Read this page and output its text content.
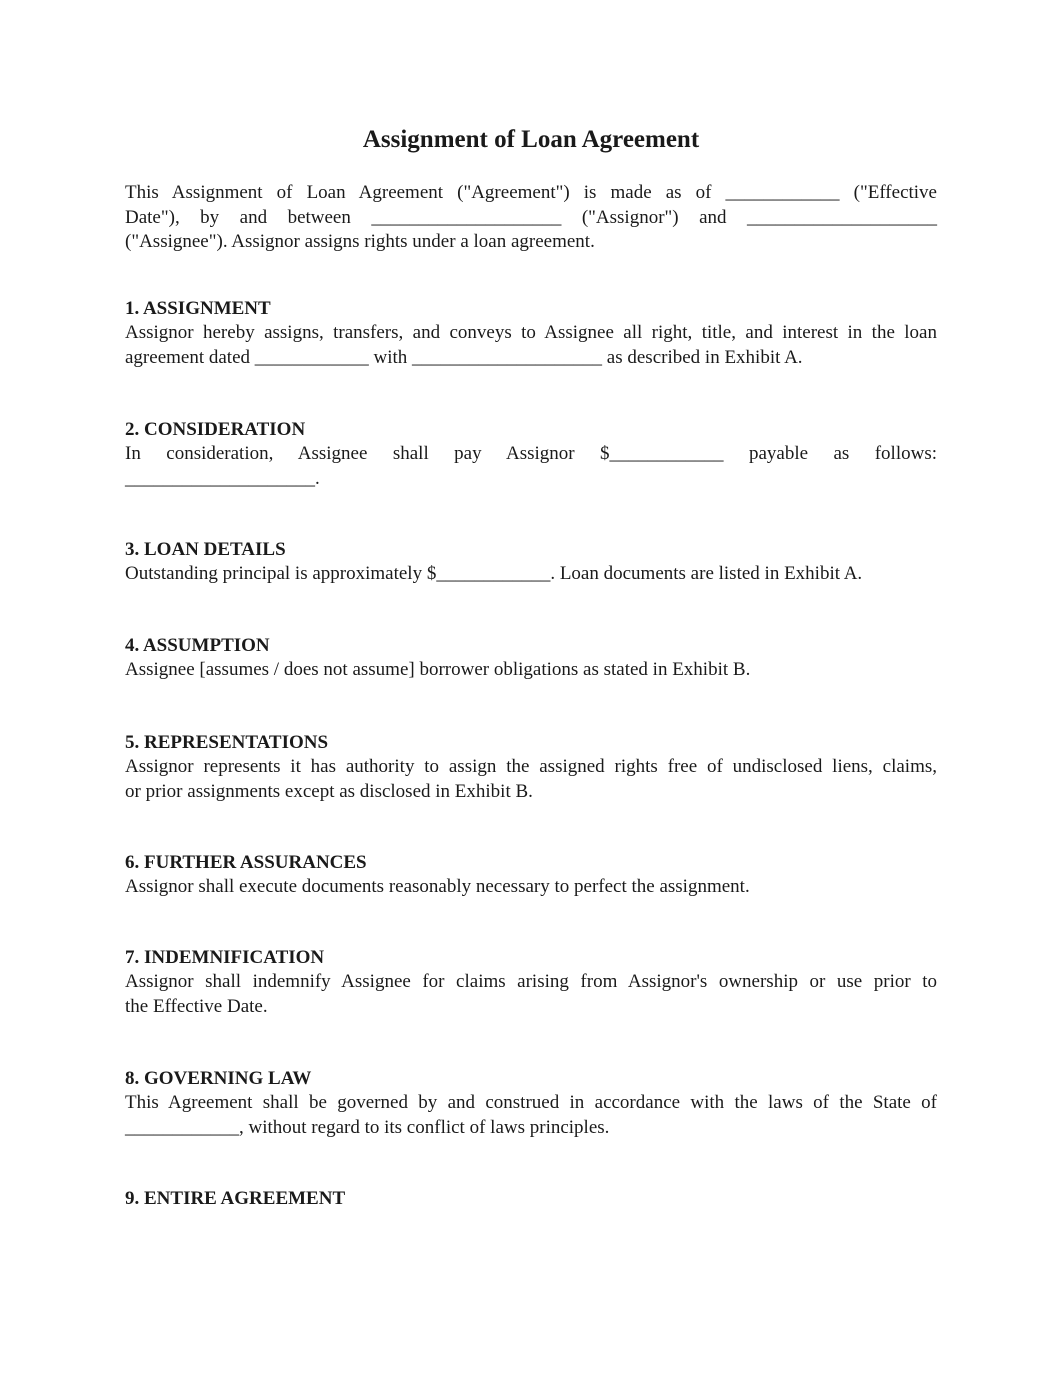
Assignment of Loan Agreement

This Assignment of Loan Agreement ("Agreement") is made as of ____________ ("Effective

Date"), by and between ____________________ ("Assignor") and ____________________

("Assignee"). Assignor assigns rights under a loan agreement.

1. ASSIGNMENT

Assignor hereby assigns, transfers, and conveys to Assignee all right, title, and interest in the loan

agreement dated ____________ with ____________________ as described in Exhibit A.

2. CONSIDERATION

In consideration, Assignee shall pay Assignor $____________ payable as follows:

____________________.

3. LOAN DETAILS

Outstanding principal is approximately $____________. Loan documents are listed in Exhibit A.

4. ASSUMPTION

Assignee [assumes / does not assume] borrower obligations as stated in Exhibit B.

5. REPRESENTATIONS

Assignor represents it has authority to assign the assigned rights free of undisclosed liens, claims,

or prior assignments except as disclosed in Exhibit B.

6. FURTHER ASSURANCES

Assignor shall execute documents reasonably necessary to perfect the assignment.

7. INDEMNIFICATION

Assignor shall indemnify Assignee for claims arising from Assignor's ownership or use prior to

the Effective Date.

8. GOVERNING LAW

This Agreement shall be governed by and construed in accordance with the laws of the State of

____________, without regard to its conflict of laws principles.

9. ENTIRE AGREEMENT
